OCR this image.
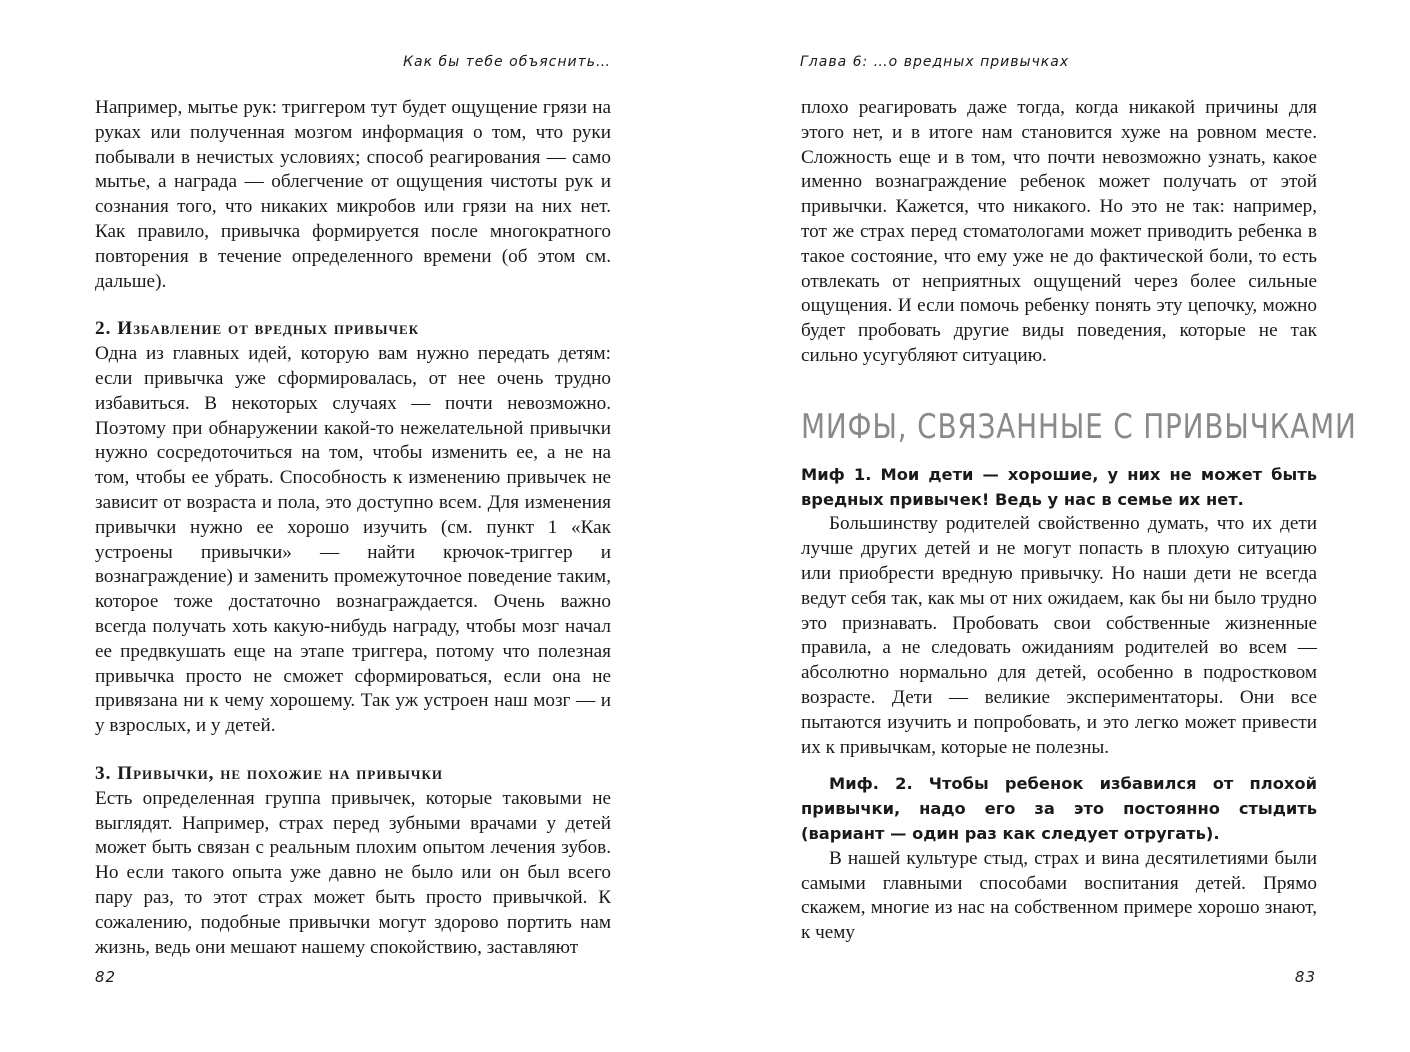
Как бы тебе объяснить…

Например, мытье рук: триггером тут будет ощущение грязи на руках или полученная мозгом информация о том, что руки побывали в нечистых условиях; способ реагирования — само мытье, а награда — облегчение от ощущения чистоты рук и сознания того, что никаких микробов или грязи на них нет. Как правило, привычка формируется после многократного повторения в течение определенного времени (об этом см. дальше).

2. Избавление от вредных привычек

Одна из главных идей, которую вам нужно передать детям: если привычка уже сформировалась, от нее очень трудно избавиться. В некоторых случаях — почти невозможно. Поэтому при обнаружении какой-то нежелательной привычки нужно сосредоточиться на том, чтобы изменить ее, а не на том, чтобы ее убрать. Способность к изменению привычек не зависит от возраста и пола, это доступно всем. Для изменения привычки нужно ее хорошо изучить (см. пункт 1 «Как устроены привычки» — найти крючок-триггер и вознаграждение) и заменить промежуточное поведение таким, которое тоже достаточно вознаграждается. Очень важно всегда получать хоть какую-нибудь награду, чтобы мозг начал ее предвкушать еще на этапе триггера, потому что полезная привычка просто не сможет сформироваться, если она не привязана ни к чему хорошему. Так уж устроен наш мозг — и у взрослых, и у детей.

3. Привычки, не похожие на привычки

Есть определенная группа привычек, которые таковыми не выглядят. Например, страх перед зубными врачами у детей может быть связан с реальным плохим опытом лечения зубов. Но если такого опыта уже давно не было или он был всего пару раз, то этот страх может быть просто привычкой. К сожалению, подобные привычки могут здорово портить нам жизнь, ведь они мешают нашему спокойствию, заставляют

82
Глава 6: …о вредных привычках

плохо реагировать даже тогда, когда никакой причины для этого нет, и в итоге нам становится хуже на ровном месте. Сложность еще и в том, что почти невозможно узнать, какое именно вознаграждение ребенок может получать от этой привычки. Кажется, что никакого. Но это не так: например, тот же страх перед стоматологами может приводить ребенка в такое состояние, что ему уже не до фактической боли, то есть отвлекать от неприятных ощущений через более сильные ощущения. И если помочь ребенку понять эту цепочку, можно будет пробовать другие виды поведения, которые не так сильно усугубляют ситуацию.

МИФЫ, СВЯЗАННЫЕ С ПРИВЫЧКАМИ

Миф 1. Мои дети — хорошие, у них не может быть вредных привычек! Ведь у нас в семье их нет.

Большинству родителей свойственно думать, что их дети лучше других детей и не могут попасть в плохую ситуацию или приобрести вредную привычку. Но наши дети не всегда ведут себя так, как мы от них ожидаем, как бы ни было трудно это признавать. Пробовать свои собственные жизненные правила, а не следовать ожиданиям родителей во всем — абсолютно нормально для детей, особенно в подростковом возрасте. Дети — великие экспериментаторы. Они все пытаются изучить и попробовать, и это легко может привести их к привычкам, которые не полезны.

Миф. 2. Чтобы ребенок избавился от плохой привычки, надо его за это постоянно стыдить (вариант — один раз как следует отругать).

В нашей культуре стыд, страх и вина десятилетиями были самыми главными способами воспитания детей. Прямо скажем, многие из нас на собственном примере хорошо знают, к чему

83
